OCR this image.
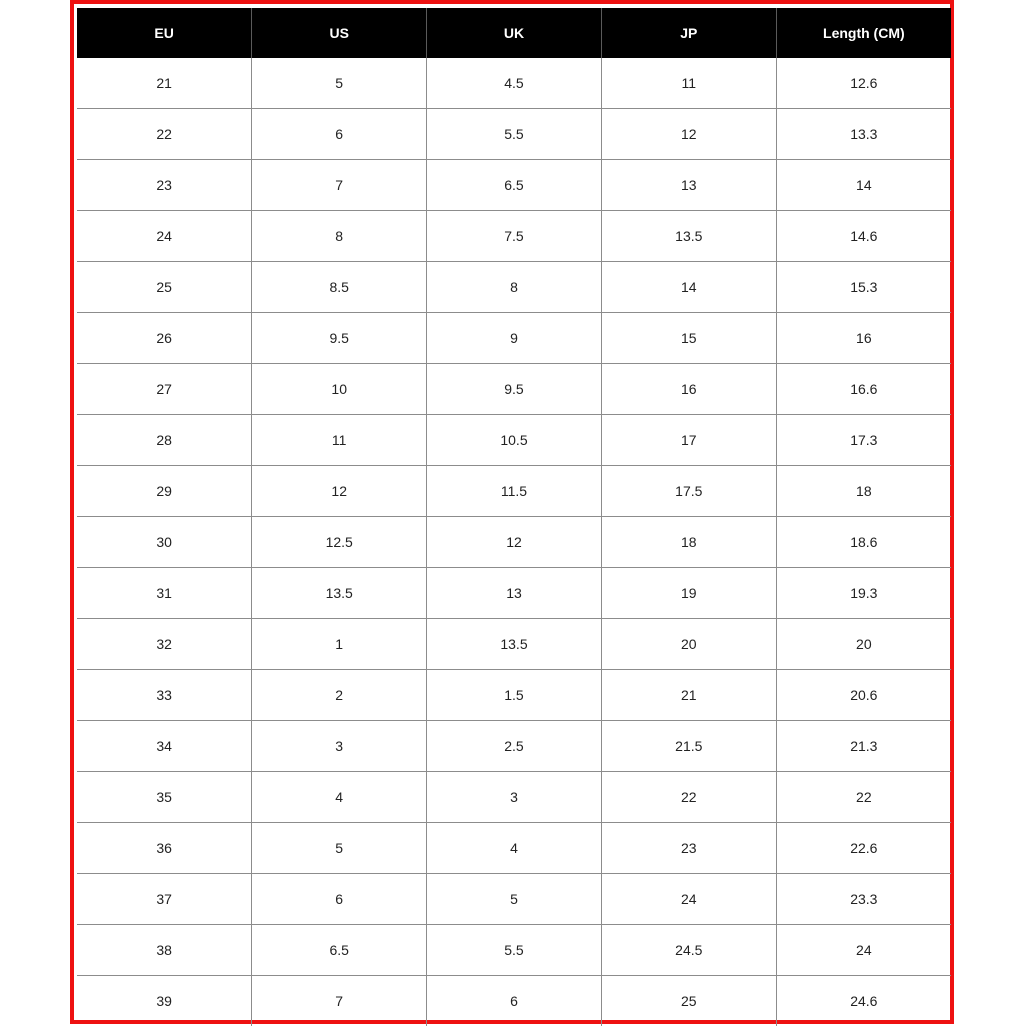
EU	US	UK	JP	Length (CM)
21	5	4.5	11	12.6
22	6	5.5	12	13.3
23	7	6.5	13	14
24	8	7.5	13.5	14.6
25	8.5	8	14	15.3
26	9.5	9	15	16
27	10	9.5	16	16.6
28	11	10.5	17	17.3
29	12	11.5	17.5	18
30	12.5	12	18	18.6
31	13.5	13	19	19.3
32	1	13.5	20	20
33	2	1.5	21	20.6
34	3	2.5	21.5	21.3
35	4	3	22	22
36	5	4	23	22.6
37	6	5	24	23.3
38	6.5	5.5	24.5	24
39	7	6	25	24.6
